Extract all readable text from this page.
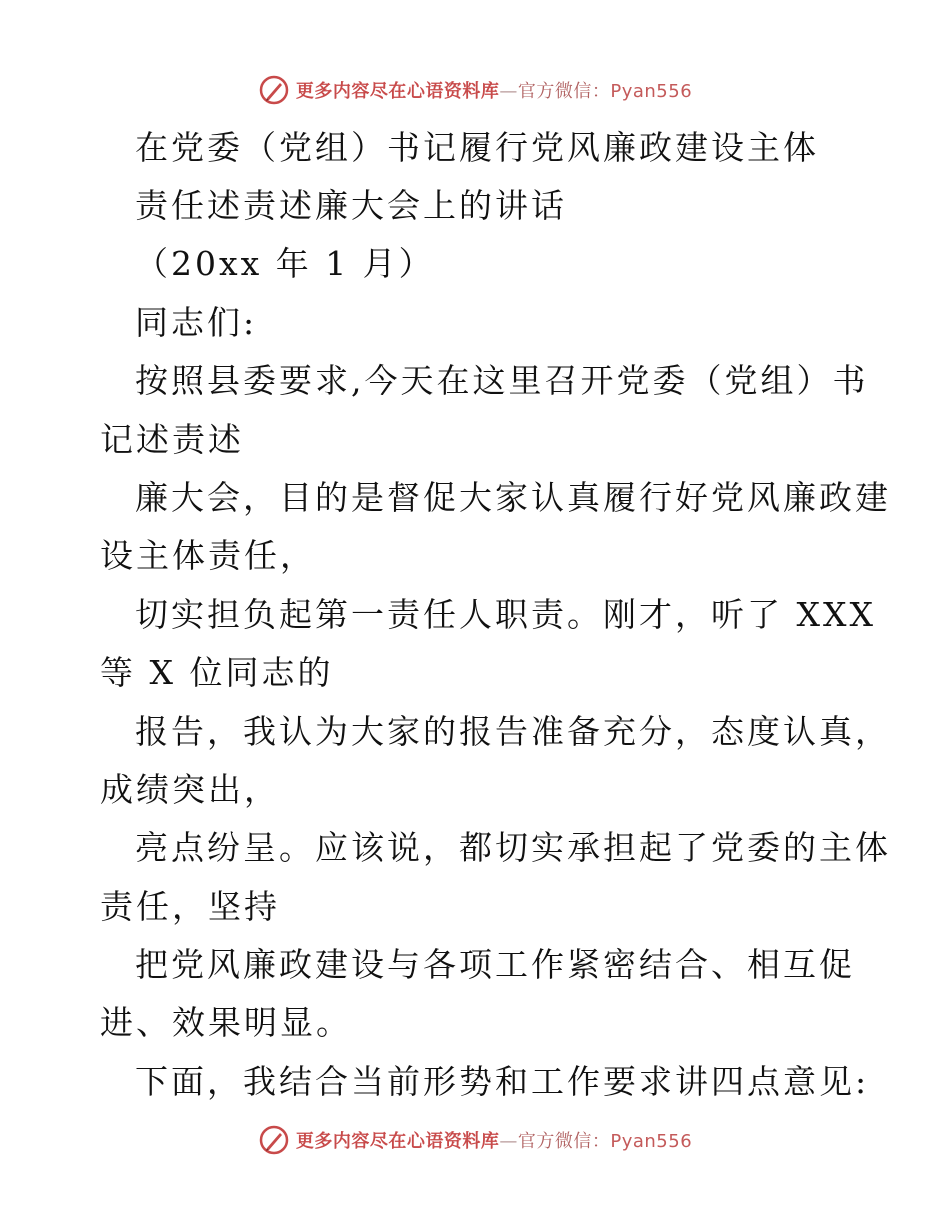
更多内容尽在心语资料库—官方微信：Pyan556
在党委（党组）书记履行党风廉政建设主体
责任述责述廉大会上的讲话
（20xx 年 1 月）
同志们:
按照县委要求,今天在这里召开党委（党组）书
记述责述
廉大会，目的是督促大家认真履行好党风廉政建
设主体责任，
切实担负起第一责任人职责。刚才，听了 XXX
等 X 位同志的
报告，我认为大家的报告准备充分，态度认真，
成绩突出，
亮点纷呈。应该说，都切实承担起了党委的主体
责任，坚持
把党风廉政建设与各项工作紧密结合、相互促
进、效果明显。
下面，我结合当前形势和工作要求讲四点意见:
更多内容尽在心语资料库—官方微信：Pyan556
